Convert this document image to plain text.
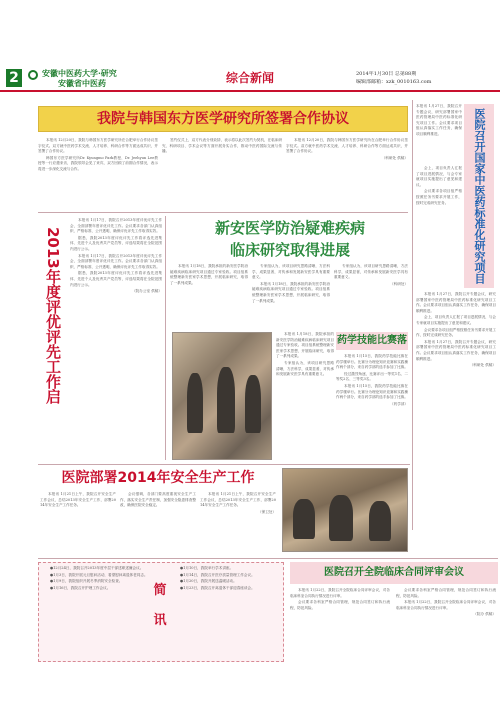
2	安徽中医药大学·研究
安徽省中医药	综合新闻	2014年1月30日 总第88期
编辑部邮箱：xzk_0010163.com
我院与韩国东方医学研究所签署合作协议

本报讯 12月20日，我院与韩国东方医学研究所在合肥举行合作协议签字仪式。双方就中医药学术交流、人才培养、科研合作等方面达成共识，并签署了合作协议。

韩国东方医学研究所Dr. Kyungmo Park教授、Dr. Jeehyun Lee教授等一行应邀来访，我院领导会见了来宾，双方回顾了前期合作情况，表示将进一步深化交流与合作。

签约仪式上，双方代表分别致辞，表示将以此次签约为契机，在临床研究、科研项目、学术会议等方面开展务实合作，推动中医药国际交流与传播。

本报讯 12月20日，我院与韩国东方医学研究所在合肥举行合作协议签字仪式。双方就中医药学术交流、人才培养、科研合作等方面达成共识，并签署了合作协议。

（科研处 供稿）
本报讯 1月27日，我院召开专题会议，研究部署国家中医药管理局中医药标准化研究项目工作。会议要求项目组认真落实工作任务，确保项目顺利推进。
医院召开国家中医药标准化研究项目

会上，项目负责人汇报了项目进展情况，与会专家就项目实施提出了意见和建议。

会议要求各项目组严格按照任务书要求开展工作，按时完成研究任务。

本报讯 1月27日，我院召开专题会议，研究部署国家中医药管理局中医药标准化研究项目工作。会议要求项目组认真落实工作任务，确保项目顺利推进。

会上，项目负责人汇报了项目进展情况，与会专家就项目实施提出了意见和建议。

会议要求各项目组严格按照任务书要求开展工作，按时完成研究任务。

本报讯 1月27日，我院召开专题会议，研究部署国家中医药管理局中医药标准化研究项目工作。会议要求项目组认真落实工作任务，确保项目顺利推进。

（科研处 供稿）
2013年度评优评先工作启

本报讯 1月17日，我院召开2013年度评优评先工作会，全面部署年度评优评先工作。会议要求各部门认真组织、严格标准、公开透明，确保评优评先工作取得实效。

据悉，我院2013年度评优评先工作将评选先进集体、先进个人及优秀共产党员等，评选结果将在全院范围内进行公示。

本报讯 1月17日，我院召开2013年度评优评先工作会，全面部署年度评优评先工作。会议要求各部门认真组织、严格标准、公开透明，确保评优评先工作取得实效。

据悉，我院2013年度评优评先工作将评选先进集体、先进个人及优秀共产党员等，评选结果将在全院范围内进行公示。

（院办公室 供稿）
新安医学防治疑难疾病
临床研究取得进展

本报讯 1月18日，我院承担的新安医学防治疑难疾病临床研究项目通过专家验收。项目组系统整理新安医家学术思想，开展临床研究，取得了一系列成果。

专家组认为，该项目研究思路清晰，方法科学，成果显著，对传承和发展新安医学具有重要意义。

本报讯 1月18日，我院承担的新安医学防治疑难疾病临床研究项目通过专家验收。项目组系统整理新安医家学术思想，开展临床研究，取得了一系列成果。

专家组认为，该项目研究思路清晰，方法科学，成果显著，对传承和发展新安医学具有重要意义。

（科研处）

本报讯 1月18日，我院承担的新安医学防治疑难疾病临床研究项目通过专家验收。项目组系统整理新安医家学术思想，开展临床研究，取得了一系列成果。

专家组认为，该项目研究思路清晰，方法科学，成果显著，对传承和发展新安医学具有重要意义。

药学技能比赛落

本报讯 1月15日，我院药学技能比赛在药学楼举行。比赛分为理论知识竞赛和实践操作两个部分，来自药学部的选手参加了比赛。

经过激烈角逐，比赛评出一等奖1名、二等奖2名、三等奖3名。

本报讯 1月15日，我院药学技能比赛在药学楼举行。比赛分为理论知识竞赛和实践操作两个部分，来自药学部的选手参加了比赛。

（药学部）
医院部署2014年安全生产工作

本报讯 1月21日上午，我院召开安全生产工作会议，总结2013年安全生产工作，部署2014年安全生产工作任务。

会议强调，各部门要高度重视安全生产工作，落实安全生产责任制，加强安全隐患排查整改，确保医院安全稳定。

本报讯 1月21日上午，我院召开安全生产工作会议，总结2013年安全生产工作，部署2014年安全生产工作任务。

（保卫处）

●12月24日，我院召开2013年度中层干部述职述廉会议。

●1月3日，我院开展元旦慰问活动，看望慰问离退休老同志。

●1月9日，我院组织开展冬季消防安全检查。

●1月16日，我院召开护理工作会议。	简
讯

●1月10日，我院举行学术讲座。

●1月14日，我院召开医疗质量管理工作会议。

●1月20日，我院开展送温暖活动。

●1月23日，我院召开离退休干部迎春座谈会。

医院召开全院临床合同评审会议

本报讯 1月22日，我院召开全院临床合同评审会议，对各临床科室合同执行情况进行评审。

会议要求各科室严格合同管理，规范合同签订和执行流程，防范风险。

会议要求各科室严格合同管理，规范合同签订和执行流程，防范风险。

本报讯 1月22日，我院召开全院临床合同评审会议，对各临床科室合同执行情况进行评审。

（院办 供稿）
